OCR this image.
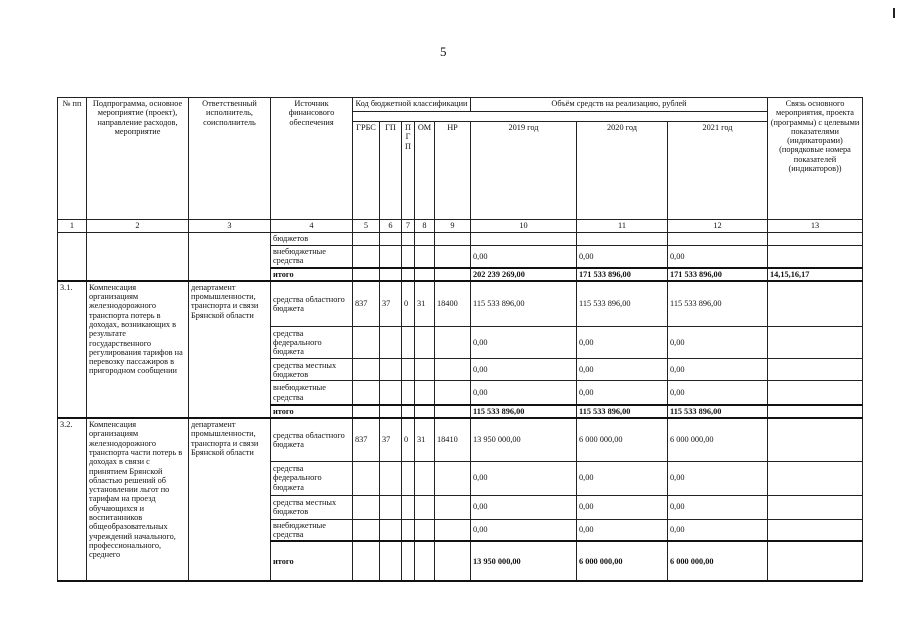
5
№ пп	Подпрограмма, основное мероприятие (проект), направление расходов, мероприятие	Ответственный исполнитель, соисполнитель	Источник финансового обеспечения	Код бюджетной классификации					Объём средств на реализацию, рублей			Связь основного мероприятия, проекта (программы) с целевыми показателями (индикаторами) (порядковые номера показателей (индикаторов))

				ГРБС	ГП	ПГП	ОМ	НР	2019 год	2020 год	2021 год	
1	2	3	4	5	6	7	8	9	10	11	12	13
			бюджетов									
			внебюджетные средства						0,00	0,00	0,00	
			итого						202 239 269,00	171 533 896,00	171 533 896,00	14,15,16,17
3.1.	Компенсация организациям железнодорожного транспорта потерь в доходах, возникающих в результате государственного регулирования тарифов на перевозку пассажиров в пригородном сообщении	департамент промышленности, транспорта и связи Брянской области	средства областного бюджета	837	37	0	31	18400	115 533 896,00	115 533 896,00	115 533 896,00	
			средства федерального бюджета						0,00	0,00	0,00	
			средства местных бюджетов						0,00	0,00	0,00	
			внебюджетные средства						0,00	0,00	0,00	
			итого						115 533 896,00	115 533 896,00	115 533 896,00	
3.2.	Компенсация организациям железнодорожного транспорта части потерь в доходах в связи с принятием Брянской областью решений об установлении льгот по тарифам на проезд обучающихся и воспитанников общеобразовательных учреждений начального, профессионального, среднего	департамент промышленности, транспорта и связи Брянской области	средства областного бюджета	837	37	0	31	18410	13 950 000,00	6 000 000,00	6 000 000,00	
			средства федерального бюджета						0,00	0,00	0,00	
			средства местных бюджетов						0,00	0,00	0,00	
			внебюджетные средства						0,00	0,00	0,00	
			итого						13 950 000,00	6 000 000,00	6 000 000,00	
